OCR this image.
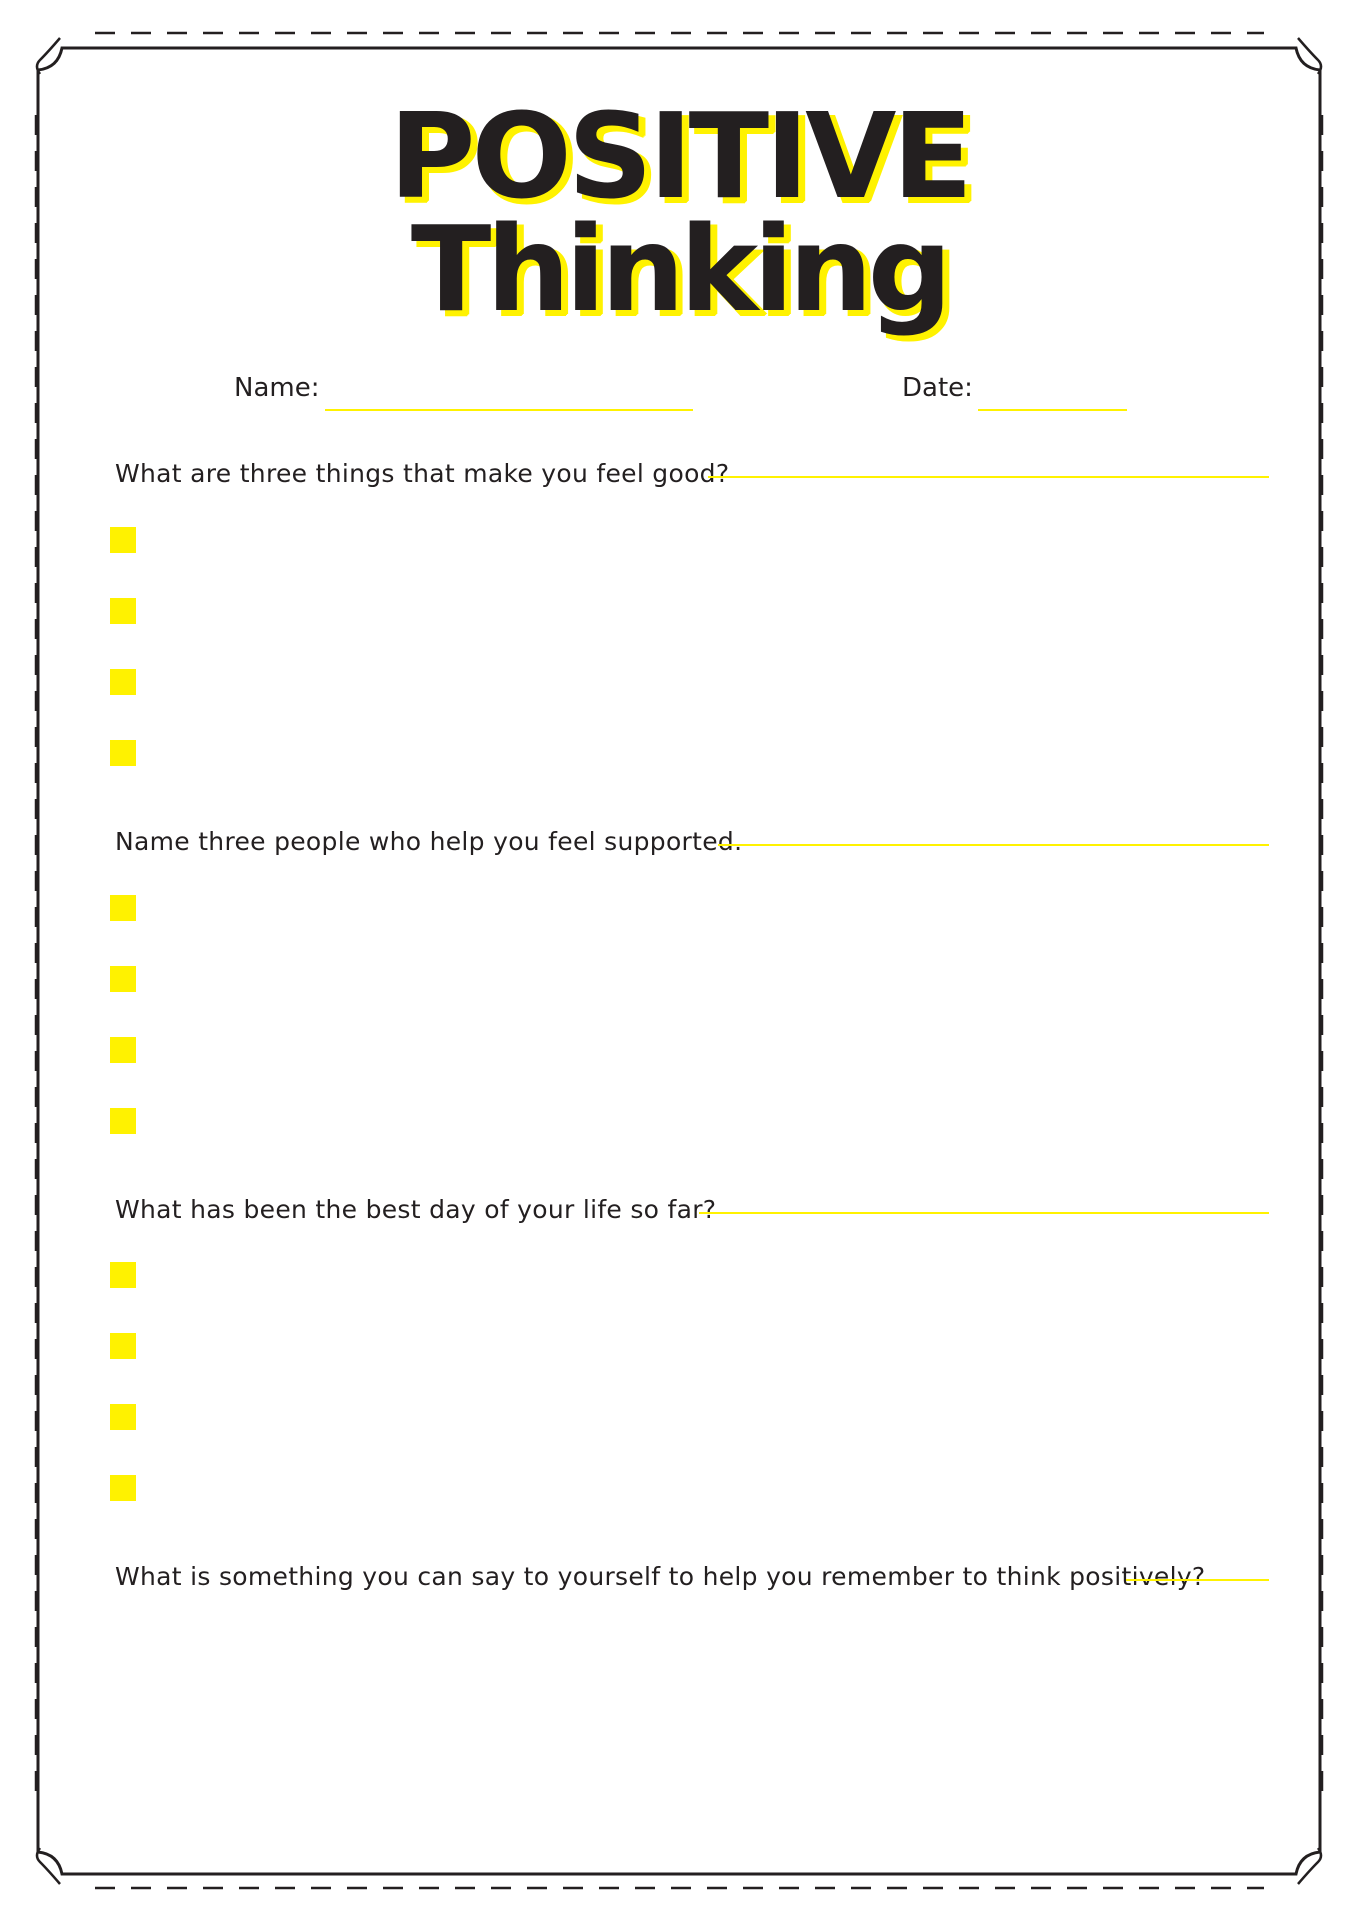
POSITIVE
Thinking
Name:	Date:
What are three things that make you feel good?
Name three people who help you feel supported.
What has been the best day of your life so far?
What is something you can say to yourself to help you remember to think positively?
